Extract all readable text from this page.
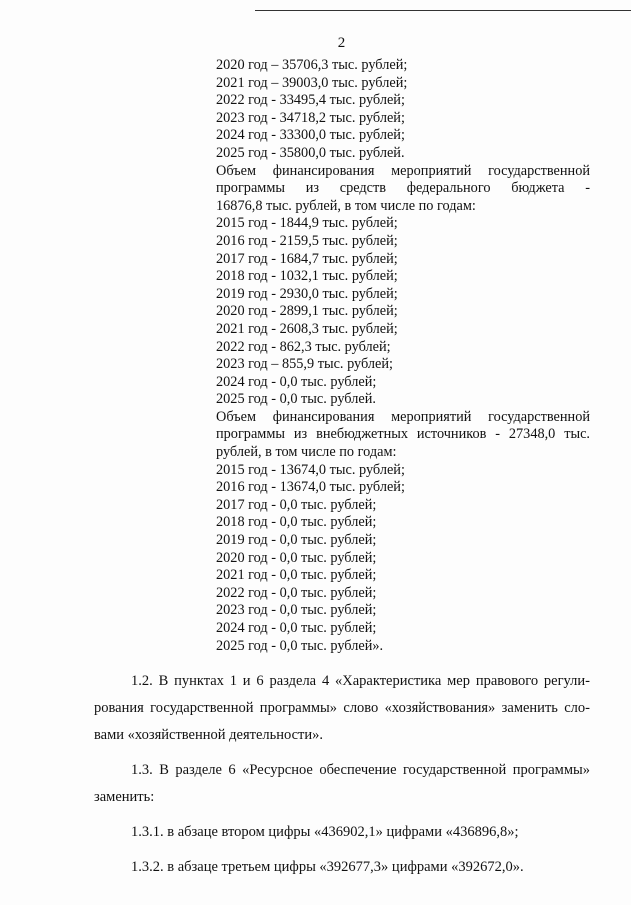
2
2020 год – 35706,3 тыс. рублей;
2021 год – 39003,0 тыс. рублей;
2022 год - 33495,4 тыс. рублей;
2023 год - 34718,2 тыс. рублей;
2024 год - 33300,0 тыс. рублей;
2025 год - 35800,0 тыс. рублей.
Объем финансирования мероприятий государственной
программы из средств федерального бюджета -
16876,8 тыс. рублей, в том числе по годам:
2015 год - 1844,9 тыс. рублей;
2016 год - 2159,5 тыс. рублей;
2017 год - 1684,7 тыс. рублей;
2018 год - 1032,1 тыс. рублей;
2019 год - 2930,0 тыс. рублей;
2020 год - 2899,1 тыс. рублей;
2021 год - 2608,3 тыс. рублей;
2022 год - 862,3 тыс. рублей;
2023 год – 855,9 тыс. рублей;
2024 год - 0,0 тыс. рублей;
2025 год - 0,0 тыс. рублей.
Объем финансирования мероприятий государственной
программы из внебюджетных источников - 27348,0 тыс.
рублей, в том числе по годам:
2015 год - 13674,0 тыс. рублей;
2016 год - 13674,0 тыс. рублей;
2017 год - 0,0 тыс. рублей;
2018 год - 0,0 тыс. рублей;
2019 год - 0,0 тыс. рублей;
2020 год - 0,0 тыс. рублей;
2021 год - 0,0 тыс. рублей;
2022 год - 0,0 тыс. рублей;
2023 год - 0,0 тыс. рублей;
2024 год - 0,0 тыс. рублей;
2025 год - 0,0 тыс. рублей».
1.2. В пунктах 1 и 6 раздела 4 «Характеристика мер правового регули-
рования государственной программы» слово «хозяйствования» заменить сло-
вами «хозяйственной деятельности».
1.3. В разделе 6 «Ресурсное обеспечение государственной программы»
заменить:
1.3.1. в абзаце втором цифры «436902,1» цифрами «436896,8»;
1.3.2. в абзаце третьем цифры «392677,3» цифрами «392672,0».
